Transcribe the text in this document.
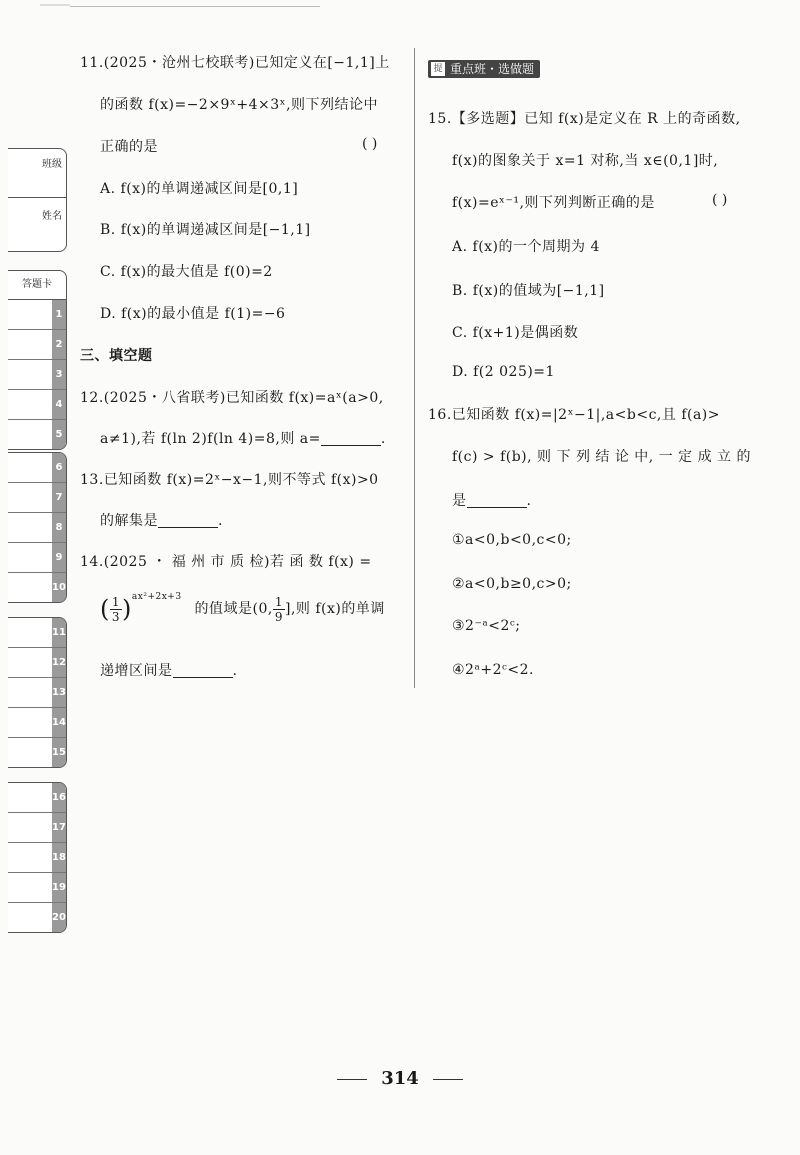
班级
姓名
答题卡
1
2
3
4
5
6
7
8
9
10
11
12
13
14
15
16
17
18
19
20
11.(2025・沧州七校联考)已知定义在[−1,1]上
的函数 f(x)=−2×9ˣ+4×3ˣ,则下列结论中
正确的是	( )
A. f(x)的单调递减区间是[0,1]
B. f(x)的单调递减区间是[−1,1]
C. f(x)的最大值是 f(0)=2
D. f(x)的最小值是 f(1)=−6
三、填空题
12.(2025・八省联考)已知函数 f(x)=aˣ(a>0,
a≠1),若 f(ln 2)f(ln 4)=8,则 a=	.
13.已知函数 f(x)=2ˣ−x−1,则不等式 f(x)>0
的解集是	.
14.(2025 ・ 福 州 市 质 检)若 函 数 f(x) =
( $\frac{1}{3} )^{ax^2+2x+3}$ 的值域是(0, $\frac{1}{9}$ ],则 f(x)的单调
递增区间是	.
提 重点班・选做题
15.【多选题】已知 f(x)是定义在 R 上的奇函数,
f(x)的图象关于 x=1 对称,当 x∈(0,1]时,
f(x)=eˣ⁻¹,则下列判断正确的是	( )
A. f(x)的一个周期为 4
B. f(x)的值域为[−1,1]
C. f(x+1)是偶函数
D. f(2 025)=1
16.已知函数 f(x)=|2ˣ−1|,a<b<c,且 f(a)>
f(c) > f(b), 则 下 列 结 论 中, 一 定 成 立 的
是	.
①a<0,b<0,c<0;
②a<0,b≥0,c>0;
③2⁻ᵃ<2ᶜ;
④2ᵃ+2ᶜ<2.
314
